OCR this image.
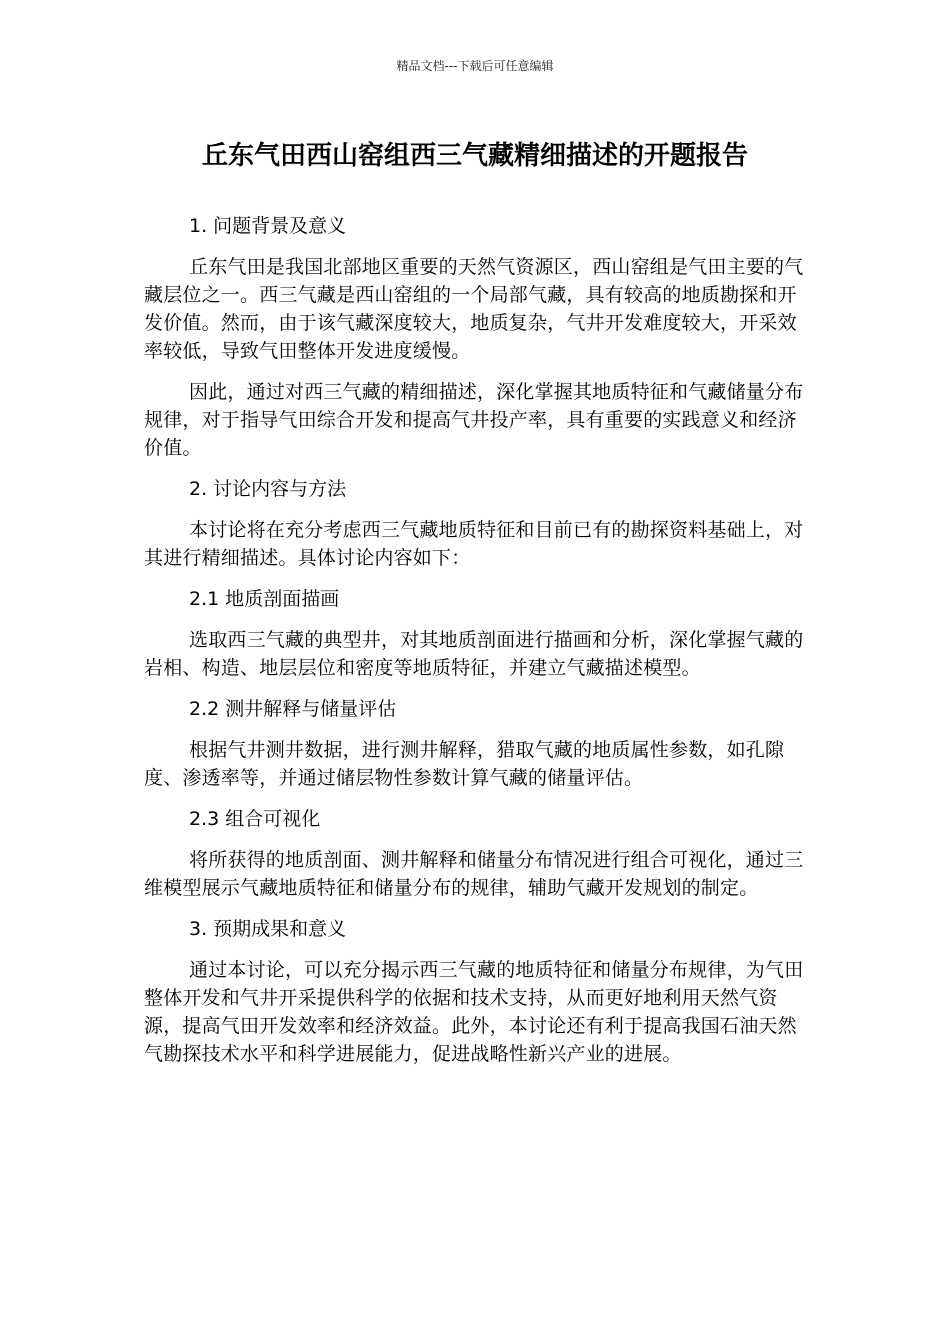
精品文档---下载后可任意编辑
丘东气田西山窑组西三气藏精细描述的开题报告

1. 问题背景及意义

丘东气田是我国北部地区重要的天然气资源区，西山窑组是气田主要的气藏层位之一。西三气藏是西山窑组的一个局部气藏，具有较高的地质勘探和开发价值。然而，由于该气藏深度较大，地质复杂，气井开发难度较大，开采效率较低，导致气田整体开发进度缓慢。

因此，通过对西三气藏的精细描述，深化掌握其地质特征和气藏储量分布规律，对于指导气田综合开发和提高气井投产率，具有重要的实践意义和经济价值。

2. 讨论内容与方法

本讨论将在充分考虑西三气藏地质特征和目前已有的勘探资料基础上，对其进行精细描述。具体讨论内容如下：

2.1 地质剖面描画

选取西三气藏的典型井，对其地质剖面进行描画和分析，深化掌握气藏的岩相、构造、地层层位和密度等地质特征，并建立气藏描述模型。

2.2 测井解释与储量评估

根据气井测井数据，进行测井解释，猎取气藏的地质属性参数，如孔隙度、渗透率等，并通过储层物性参数计算气藏的储量评估。

2.3 组合可视化

将所获得的地质剖面、测井解释和储量分布情况进行组合可视化，通过三维模型展示气藏地质特征和储量分布的规律，辅助气藏开发规划的制定。

3. 预期成果和意义

通过本讨论，可以充分揭示西三气藏的地质特征和储量分布规律，为气田整体开发和气井开采提供科学的依据和技术支持，从而更好地利用天然气资源，提高气田开发效率和经济效益。此外，本讨论还有利于提高我国石油天然气勘探技术水平和科学进展能力，促进战略性新兴产业的进展。
